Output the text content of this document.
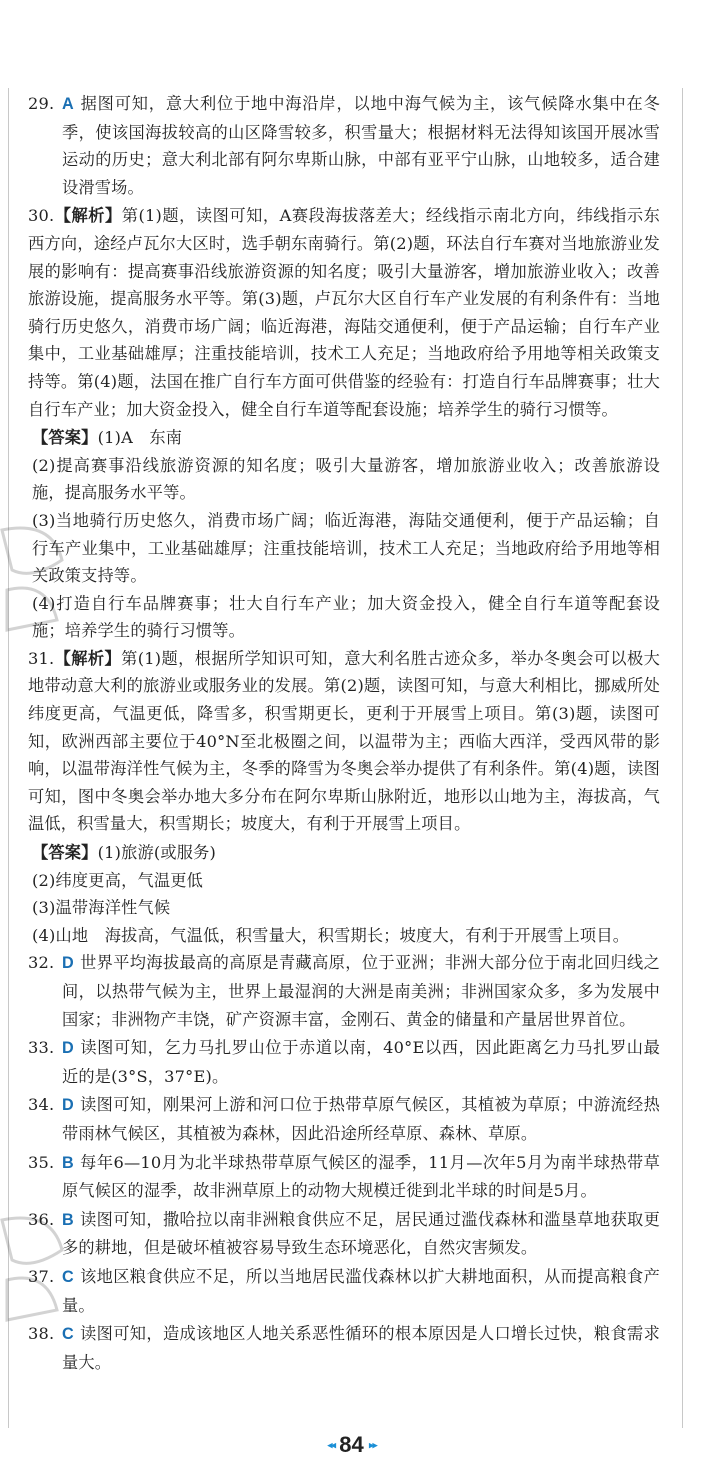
29. A 据图可知，意大利位于地中海沿岸，以地中海气候为主，该气候降水集中在冬季，使该国海拔较高的山区降雪较多，积雪量大；根据材料无法得知该国开展冰雪运动的历史；意大利北部有阿尔卑斯山脉，中部有亚平宁山脉，山地较多，适合建设滑雪场。
30.【解析】第(1)题，读图可知，A赛段海拔落差大；经线指示南北方向，纬线指示东西方向，途经卢瓦尔大区时，选手朝东南骑行。第(2)题，环法自行车赛对当地旅游业发展的影响有：提高赛事沿线旅游资源的知名度；吸引大量游客，增加旅游业收入；改善旅游设施，提高服务水平等。第(3)题，卢瓦尔大区自行车产业发展的有利条件有：当地骑行历史悠久，消费市场广阔；临近海港，海陆交通便利，便于产品运输；自行车产业集中，工业基础雄厚；注重技能培训，技术工人充足；当地政府给予用地等相关政策支持等。第(4)题，法国在推广自行车方面可供借鉴的经验有：打造自行车品牌赛事；壮大自行车产业；加大资金投入，健全自行车道等配套设施；培养学生的骑行习惯等。
【答案】(1)A　东南
(2)提高赛事沿线旅游资源的知名度；吸引大量游客，增加旅游业收入；改善旅游设施，提高服务水平等。
(3)当地骑行历史悠久，消费市场广阔；临近海港，海陆交通便利，便于产品运输；自行车产业集中，工业基础雄厚；注重技能培训，技术工人充足；当地政府给予用地等相关政策支持等。
(4)打造自行车品牌赛事；壮大自行车产业；加大资金投入，健全自行车道等配套设施；培养学生的骑行习惯等。
31.【解析】第(1)题，根据所学知识可知，意大利名胜古迹众多，举办冬奥会可以极大地带动意大利的旅游业或服务业的发展。第(2)题，读图可知，与意大利相比，挪威所处纬度更高，气温更低，降雪多，积雪期更长，更利于开展雪上项目。第(3)题，读图可知，欧洲西部主要位于40°N至北极圈之间，以温带为主；西临大西洋，受西风带的影响，以温带海洋性气候为主，冬季的降雪为冬奥会举办提供了有利条件。第(4)题，读图可知，图中冬奥会举办地大多分布在阿尔卑斯山脉附近，地形以山地为主，海拔高，气温低，积雪量大，积雪期长；坡度大，有利于开展雪上项目。
【答案】(1)旅游(或服务)
(2)纬度更高，气温更低
(3)温带海洋性气候
(4)山地　海拔高，气温低，积雪量大，积雪期长；坡度大，有利于开展雪上项目。
32. D 世界平均海拔最高的高原是青藏高原，位于亚洲；非洲大部分位于南北回归线之间，以热带气候为主，世界上最湿润的大洲是南美洲；非洲国家众多，多为发展中国家；非洲物产丰饶，矿产资源丰富，金刚石、黄金的储量和产量居世界首位。
33. D 读图可知，乞力马扎罗山位于赤道以南，40°E以西，因此距离乞力马扎罗山最近的是(3°S，37°E)。
34. D 读图可知，刚果河上游和河口位于热带草原气候区，其植被为草原；中游流经热带雨林气候区，其植被为森林，因此沿途所经草原、森林、草原。
35. B 每年6—10月为北半球热带草原气候区的湿季，11月—次年5月为南半球热带草原气候区的湿季，故非洲草原上的动物大规模迁徙到北半球的时间是5月。
36. B 读图可知，撒哈拉以南非洲粮食供应不足，居民通过滥伐森林和滥垦草地获取更多的耕地，但是破坏植被容易导致生态环境恶化，自然灾害频发。
37. C 该地区粮食供应不足，所以当地居民滥伐森林以扩大耕地面积，从而提高粮食产量。
38. C 读图可知，造成该地区人地关系恶性循环的根本原因是人口增长过快，粮食需求量大。
◂◂ 84 ▸▸
